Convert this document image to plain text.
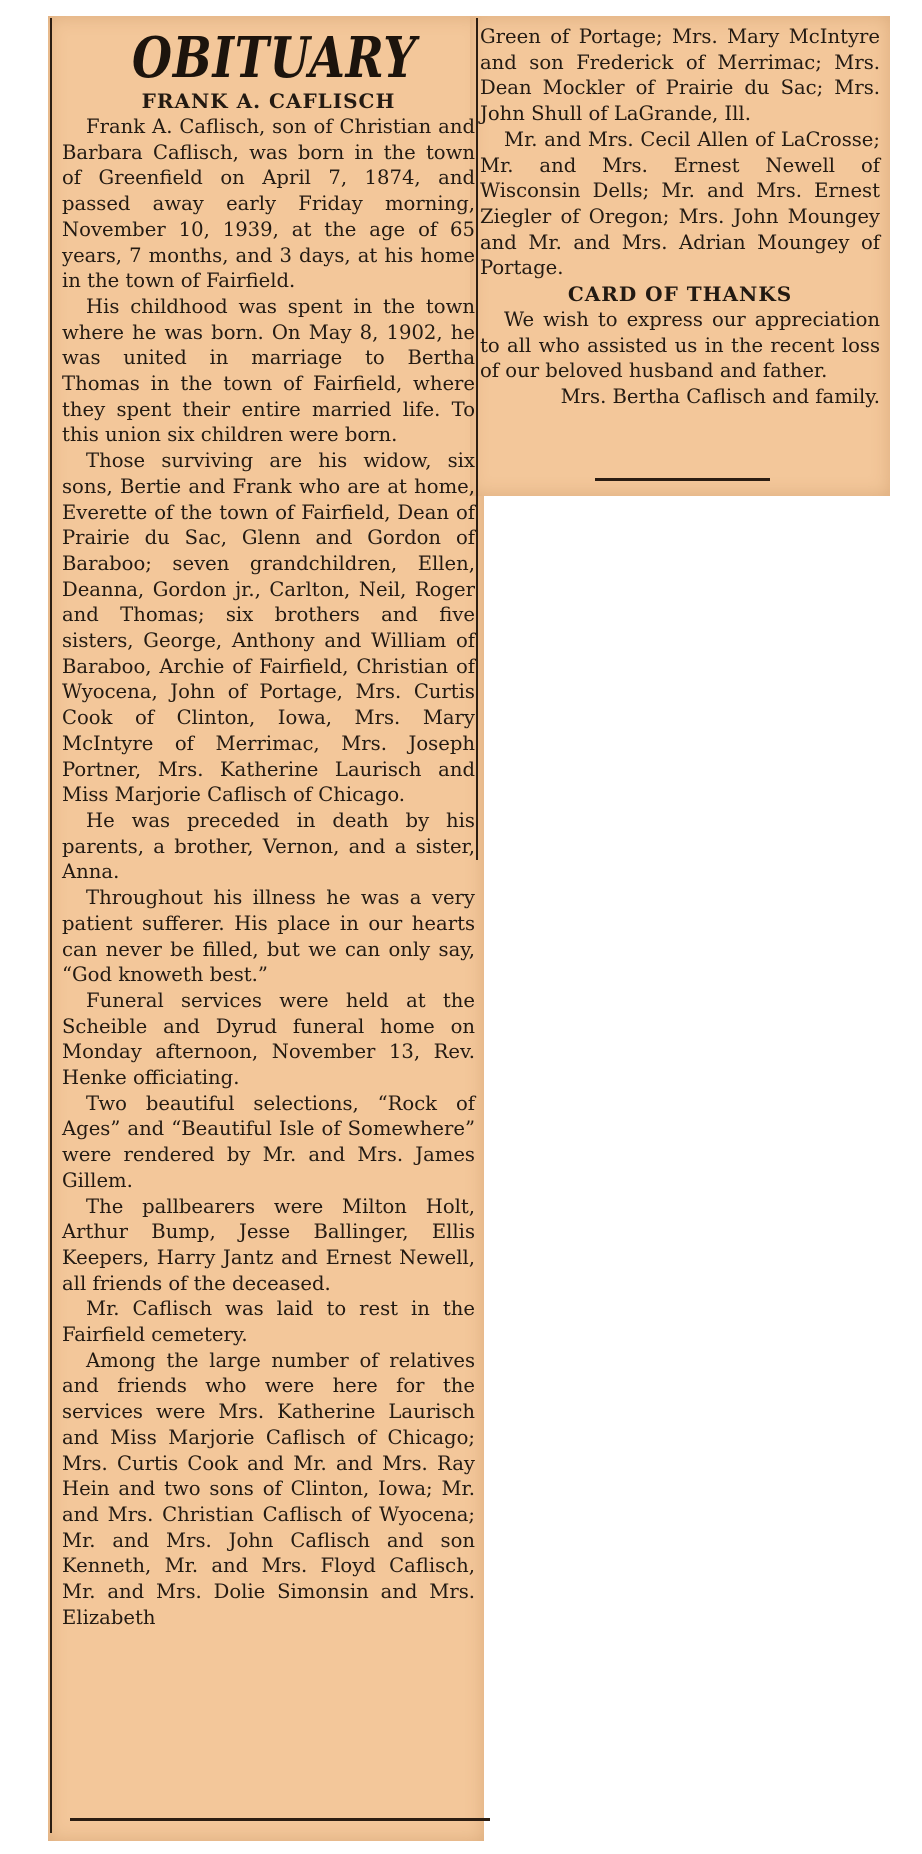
OBITUARY
FRANK A. CAFLISCH

Frank A. Caflisch, son of Christian and Barbara Caflisch, was born in the town of Greenfield on April 7, 1874, and passed away early Friday morning, November 10, 1939, at the age of 65 years, 7 months, and 3 days, at his home in the town of Fairfield.

His childhood was spent in the town where he was born. On May 8, 1902, he was united in marriage to Bertha Thomas in the town of Fairfield, where they spent their entire married life. To this union six children were born.

Those surviving are his widow, six sons, Bertie and Frank who are at home, Everette of the town of Fairfield, Dean of Prairie du Sac, Glenn and Gordon of Baraboo; seven grandchildren, Ellen, Deanna, Gordon jr., Carlton, Neil, Roger and Thomas; six brothers and five sisters, George, Anthony and William of Baraboo, Archie of Fairfield, Christian of Wyocena, John of Portage, Mrs. Curtis Cook of Clinton, Iowa, Mrs. Mary McIntyre of Merrimac, Mrs. Joseph Portner, Mrs. Katherine Laurisch and Miss Marjorie Caflisch of Chicago.

He was preceded in death by his parents, a brother, Vernon, and a sister, Anna.

Throughout his illness he was a very patient sufferer. His place in our hearts can never be filled, but we can only say, “God knoweth best.”

Funeral services were held at the Scheible and Dyrud funeral home on Monday afternoon, November 13, Rev. Henke officiating.

Two beautiful selections, “Rock of Ages” and “Beautiful Isle of Somewhere” were rendered by Mr. and Mrs. James Gillem.

The pallbearers were Milton Holt, Arthur Bump, Jesse Ballinger, Ellis Keepers, Harry Jantz and Ernest Newell, all friends of the deceased.

Mr. Caflisch was laid to rest in the Fairfield cemetery.

Among the large number of relatives and friends who were here for the services were Mrs. Katherine Laurisch and Miss Marjorie Caflisch of Chicago; Mrs. Curtis Cook and Mr. and Mrs. Ray Hein and two sons of Clinton, Iowa; Mr. and Mrs. Christian Caflisch of Wyocena; Mr. and Mrs. John Caflisch and son Kenneth, Mr. and Mrs. Floyd Caflisch, Mr. and Mrs. Dolie Simonsin and Mrs. Elizabeth

Green of Portage; Mrs. Mary McIntyre and son Frederick of Merrimac; Mrs. Dean Mockler of Prairie du Sac; Mrs. John Shull of LaGrande, Ill.

Mr. and Mrs. Cecil Allen of LaCrosse; Mr. and Mrs. Ernest Newell of Wisconsin Dells; Mr. and Mrs. Ernest Ziegler of Oregon; Mrs. John Moungey and Mr. and Mrs. Adrian Moungey of Portage.

CARD OF THANKS

We wish to express our appreciation to all who assisted us in the recent loss of our beloved husband and father.

Mrs. Bertha Caflisch and family.
